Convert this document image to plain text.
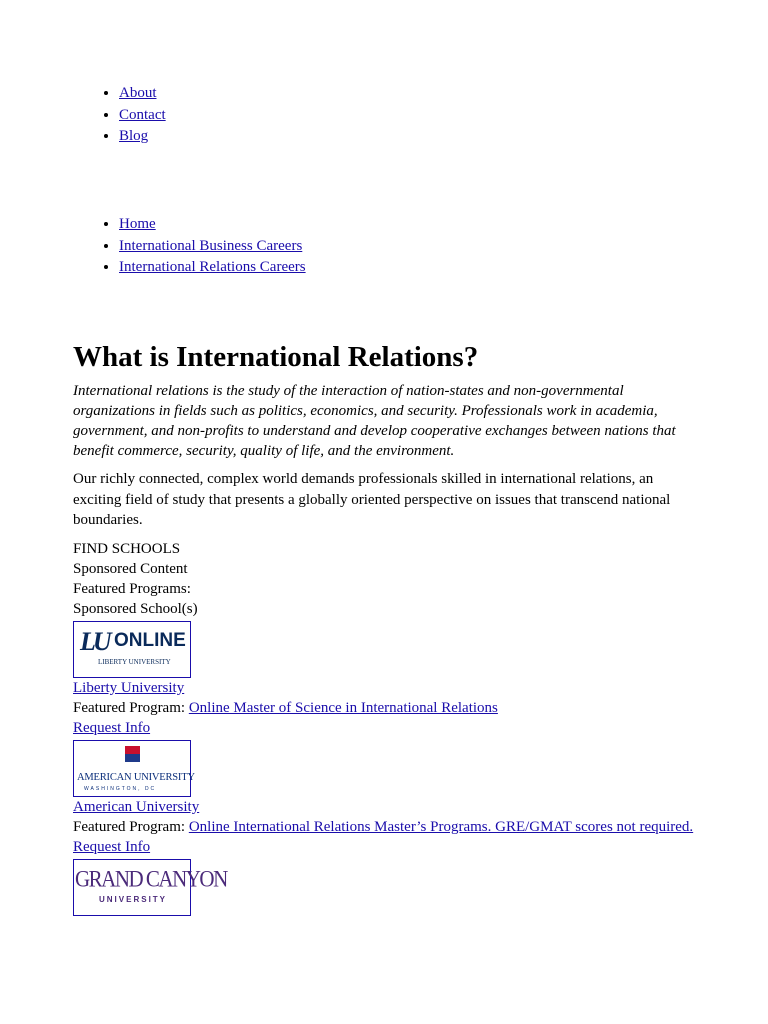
• About
• Contact
• Blog
• Home
• International Business Careers
• International Relations Careers
What is International Relations?

International relations is the study of the interaction of nation-states and non-governmental organizations in fields such as politics, economics, and security. Professionals work in academia, government, and non-profits to understand and develop cooperative exchanges between nations that benefit commerce, security, quality of life, and the environment.

Our richly connected, complex world demands professionals skilled in international relations, an exciting field of study that presents a globally oriented perspective on issues that transcend national boundaries.

FIND SCHOOLS
Sponsored Content
Featured Programs:
Sponsored School(s)
LU ONLINE
LIBERTY UNIVERSITY
Liberty University
Featured Program: Online Master of Science in International Relations
Request Info
AMERICAN UNIVERSITY
WASHINGTON, DC
American University
Featured Program: Online International Relations Master’s Programs. GRE/GMAT scores not required.
Request Info
GRAND CANYON
UNIVERSITY
